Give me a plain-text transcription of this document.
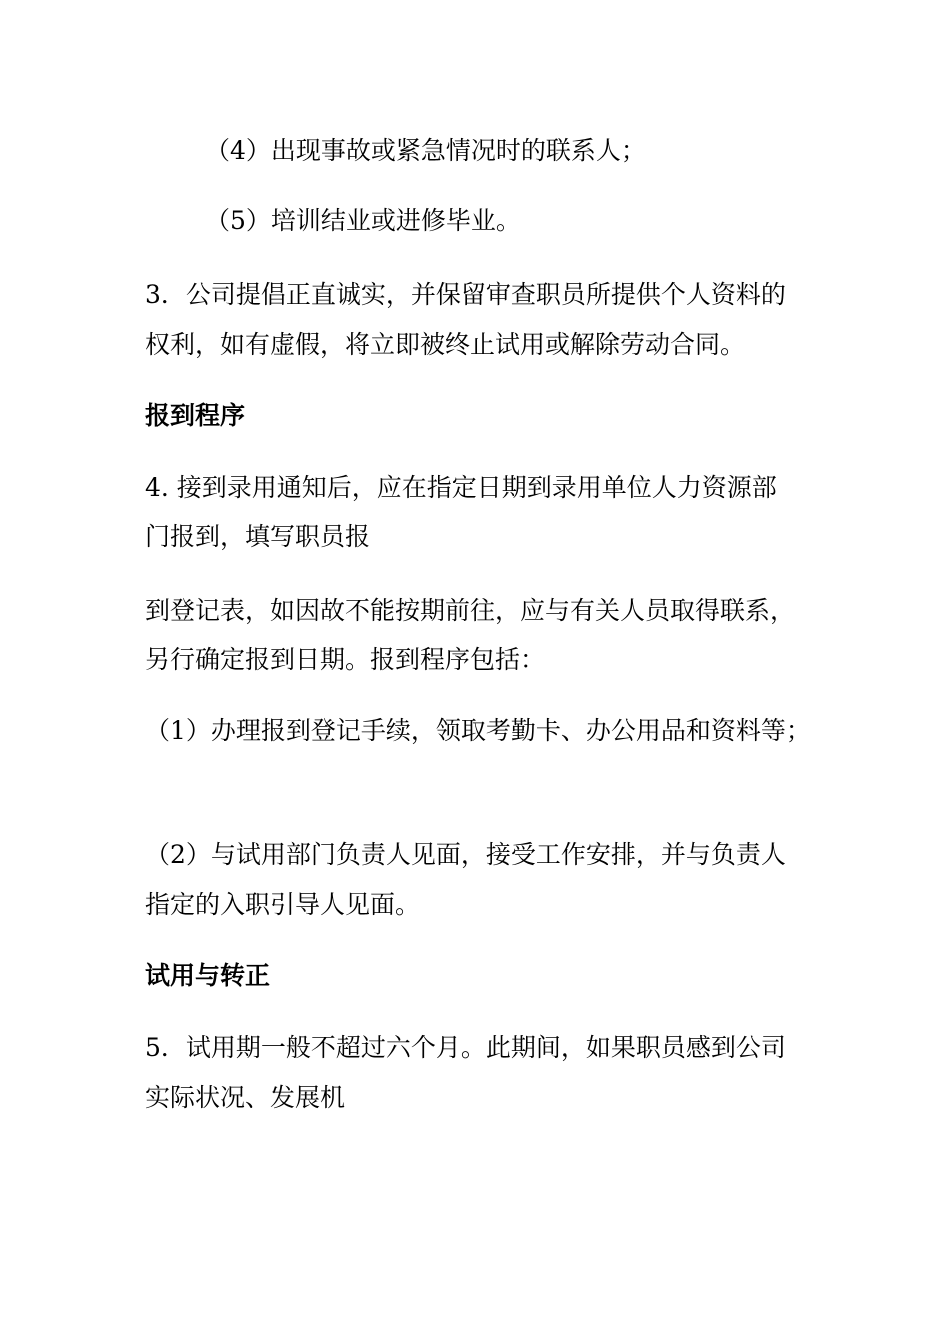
（4）出现事故或紧急情况时的联系人；

（5）培训结业或进修毕业。

3．公司提倡正直诚实，并保留审查职员所提供个人资料的

权利，如有虚假，将立即被终止试用或解除劳动合同。

报到程序

4. 接到录用通知后，应在指定日期到录用单位人力资源部

门报到，填写职员报

到登记表，如因故不能按期前往，应与有关人员取得联系，

另行确定报到日期。报到程序包括：

（1）办理报到登记手续，领取考勤卡、办公用品和资料等；

（2）与试用部门负责人见面，接受工作安排，并与负责人

指定的入职引导人见面。

试用与转正

5．试用期一般不超过六个月。此期间，如果职员感到公司

实际状况、发展机
